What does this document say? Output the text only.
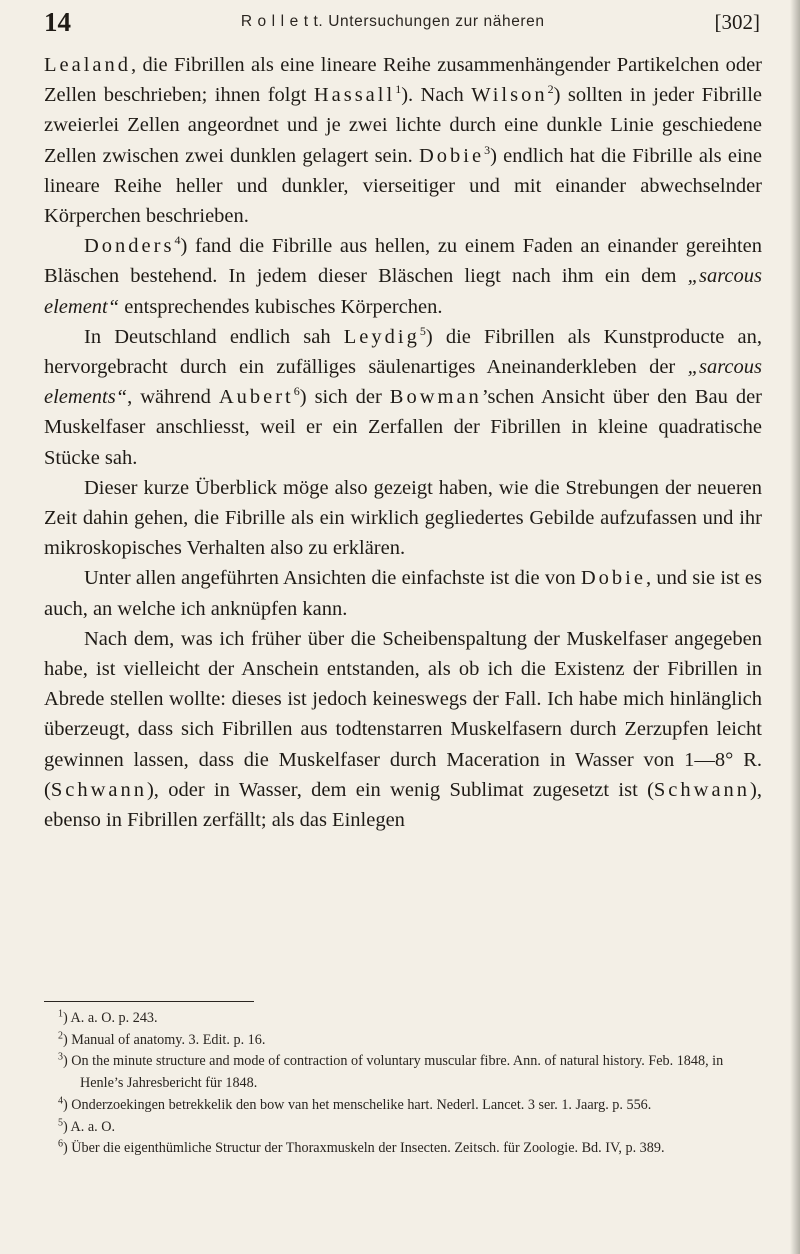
14	R o l l e t t. Untersuchungen zur näheren	[302]

Lealand, die Fibrillen als eine lineare Reihe zusammenhängender Partikelchen oder Zellen beschrieben; ihnen folgt Hassall$^1$). Nach Wilson$^2$) sollten in jeder Fibrille zweierlei Zellen angeordnet und je zwei lichte durch eine dunkle Linie geschiedene Zellen zwischen zwei dunklen gelagert sein. Dobie$^3$) endlich hat die Fibrille als eine lineare Reihe heller und dunkler, vierseitiger und mit einander abwechselnder Körperchen beschrieben.

Donders$^4$) fand die Fibrille aus hellen, zu einem Faden an einander gereihten Bläschen bestehend. In jedem dieser Bläschen liegt nach ihm ein dem „sarcous element“ entsprechendes kubisches Körperchen.

In Deutschland endlich sah Leydig$^5$) die Fibrillen als Kunstproducte an, hervorgebracht durch ein zufälliges säulenartiges Aneinanderkleben der „sarcous elements“, während Aubert$^6$) sich der Bowman’schen Ansicht über den Bau der Muskelfaser anschliesst, weil er ein Zerfallen der Fibrillen in kleine quadratische Stücke sah.

Dieser kurze Überblick möge also gezeigt haben, wie die Strebungen der neueren Zeit dahin gehen, die Fibrille als ein wirklich gegliedertes Gebilde aufzufassen und ihr mikroskopisches Verhalten also zu erklären.

Unter allen angeführten Ansichten die einfachste ist die von Dobie, und sie ist es auch, an welche ich anknüpfen kann.

Nach dem, was ich früher über die Scheibenspaltung der Muskelfaser angegeben habe, ist vielleicht der Anschein entstanden, als ob ich die Existenz der Fibrillen in Abrede stellen wollte: dieses ist jedoch keineswegs der Fall. Ich habe mich hinlänglich überzeugt, dass sich Fibrillen aus todtenstarren Muskelfasern durch Zerzupfen leicht gewinnen lassen, dass die Muskelfaser durch Maceration in Wasser von 1—8° R. (Schwann), oder in Wasser, dem ein wenig Sublimat zugesetzt ist (Schwann), ebenso in Fibrillen zerfällt; als das Einlegen

$^1$) A. a. O. p. 243.

$^2$) Manual of anatomy. 3. Edit. p. 16.

$^3$) On the minute structure and mode of contraction of voluntary muscular fibre. Ann. of natural history. Feb. 1848, in Henle’s Jahresbericht für 1848.

$^4$) Onderzoekingen betrekkelik den bow van het menschelike hart. Nederl. Lancet. 3 ser. 1. Jaarg. p. 556.

$^5$) A. a. O.

$^6$) Über die eigenthümliche Structur der Thoraxmuskeln der Insecten. Zeitsch. für Zoologie. Bd. IV, p. 389.
